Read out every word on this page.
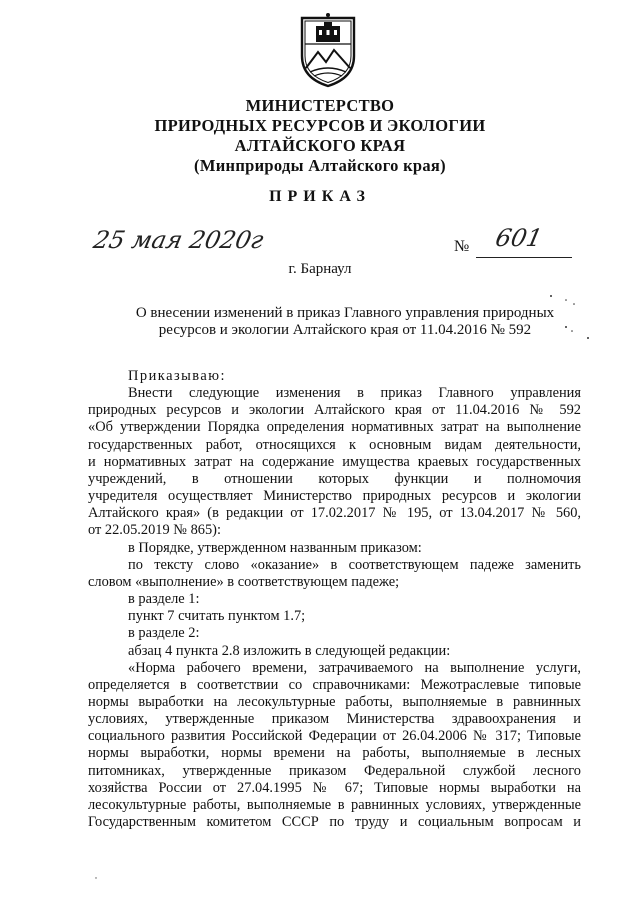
МИНИСТЕРСТВО
ПРИРОДНЫХ РЕСУРСОВ И ЭКОЛОГИИ
АЛТАЙСКОГО КРАЯ
(Минприроды Алтайского края)
ПРИКАЗ
25 мая 2020г	№ 601
г. Барнаул
О внесении изменений в приказ Главного управления природных
ресурсов и экологии Алтайского края от 11.04.2016 № 592

Приказываю:

Внести следующие изменения в приказ Главного управления

природных ресурсов и экологии Алтайского края от 11.04.2016 № 592

«Об утверждении Порядка определения нормативных затрат на выполнение

государственных работ, относящихся к основным видам деятельности,

и нормативных затрат на содержание имущества краевых государственных

учреждений, в отношении которых функции и полномочия

учредителя осуществляет Министерство природных ресурсов и экологии

Алтайского края» (в редакции от 17.02.2017 № 195, от 13.04.2017 № 560,

от 22.05.2019 № 865):

в Порядке, утвержденном названным приказом:

по тексту слово «оказание» в соответствующем падеже заменить

словом «выполнение» в соответствующем падеже;

в разделе 1:

пункт 7 считать пунктом 1.7;

в разделе 2:

абзац 4 пункта 2.8 изложить в следующей редакции:

«Норма рабочего времени, затрачиваемого на выполнение услуги,

определяется в соответствии со справочниками: Межотраслевые типовые

нормы выработки на лесокультурные работы, выполняемые в равнинных

условиях, утвержденные приказом Министерства здравоохранения и

социального развития Российской Федерации от 26.04.2006 № 317; Типовые

нормы выработки, нормы времени на работы, выполняемые в лесных

питомниках, утвержденные приказом Федеральной службой лесного

хозяйства России от 27.04.1995 № 67; Типовые нормы выработки на

лесокультурные работы, выполняемые в равнинных условиях, утвержденные

Государственным комитетом СССР по труду и социальным вопросам и
